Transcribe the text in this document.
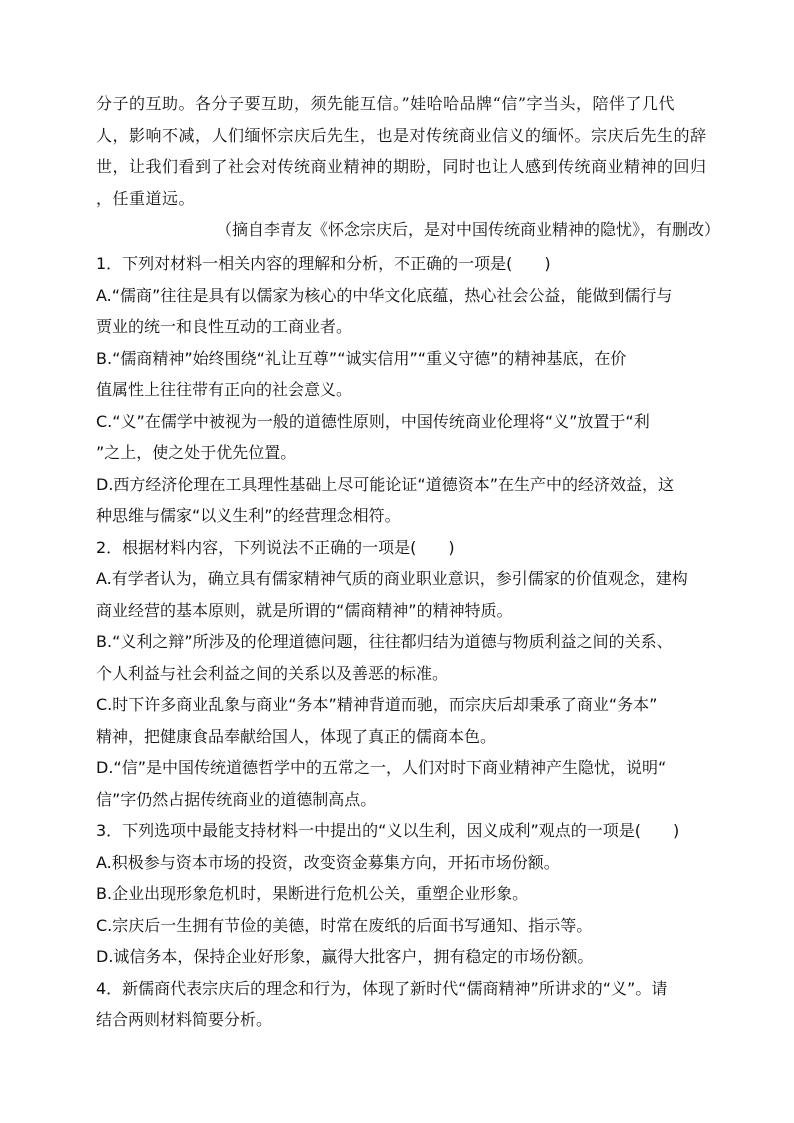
分子的互助。各分子要互助，须先能互信。”娃哈哈品牌“信”字当头，陪伴了几代
人，影响不减，人们缅怀宗庆后先生，也是对传统商业信义的缅怀。宗庆后先生的辞
世，让我们看到了社会对传统商业精神的期盼，同时也让人感到传统商业精神的回归
，任重道远。
（摘自李青友《怀念宗庆后，是对中国传统商业精神的隐忧》，有删改）
1．下列对材料一相关内容的理解和分析，不正确的一项是(　　)
A.“儒商”往往是具有以儒家为核心的中华文化底蕴，热心社会公益，能做到儒行与
贾业的统一和良性互动的工商业者。
B.“儒商精神”始终围绕“礼让互尊”“诚实信用”“重义守德”的精神基底，在价
值属性上往往带有正向的社会意义。
C.“义”在儒学中被视为一般的道德性原则，中国传统商业伦理将“义”放置于“利
”之上，使之处于优先位置。
D.西方经济伦理在工具理性基础上尽可能论证“道德资本”在生产中的经济效益，这
种思维与儒家“以义生利”的经营理念相符。
2．根据材料内容，下列说法不正确的一项是(　　)
A.有学者认为，确立具有儒家精神气质的商业职业意识，参引儒家的价值观念，建构
商业经营的基本原则，就是所谓的“儒商精神”的精神特质。
B.“义利之辩”所涉及的伦理道德问题，往往都归结为道德与物质利益之间的关系、
个人利益与社会利益之间的关系以及善恶的标准。
C.时下许多商业乱象与商业“务本”精神背道而驰，而宗庆后却秉承了商业“务本”
精神，把健康食品奉献给国人，体现了真正的儒商本色。
D.“信”是中国传统道德哲学中的五常之一，人们对时下商业精神产生隐忧，说明“
信”字仍然占据传统商业的道德制高点。
3．下列选项中最能支持材料一中提出的“义以生利，因义成利”观点的一项是(　　)
A.积极参与资本市场的投资，改变资金募集方向，开拓市场份额。
B.企业出现形象危机时，果断进行危机公关，重塑企业形象。
C.宗庆后一生拥有节俭的美德，时常在废纸的后面书写通知、指示等。
D.诚信务本，保持企业好形象，赢得大批客户，拥有稳定的市场份额。
4．新儒商代表宗庆后的理念和行为，体现了新时代“儒商精神”所讲求的“义”。请
结合两则材料简要分析。
